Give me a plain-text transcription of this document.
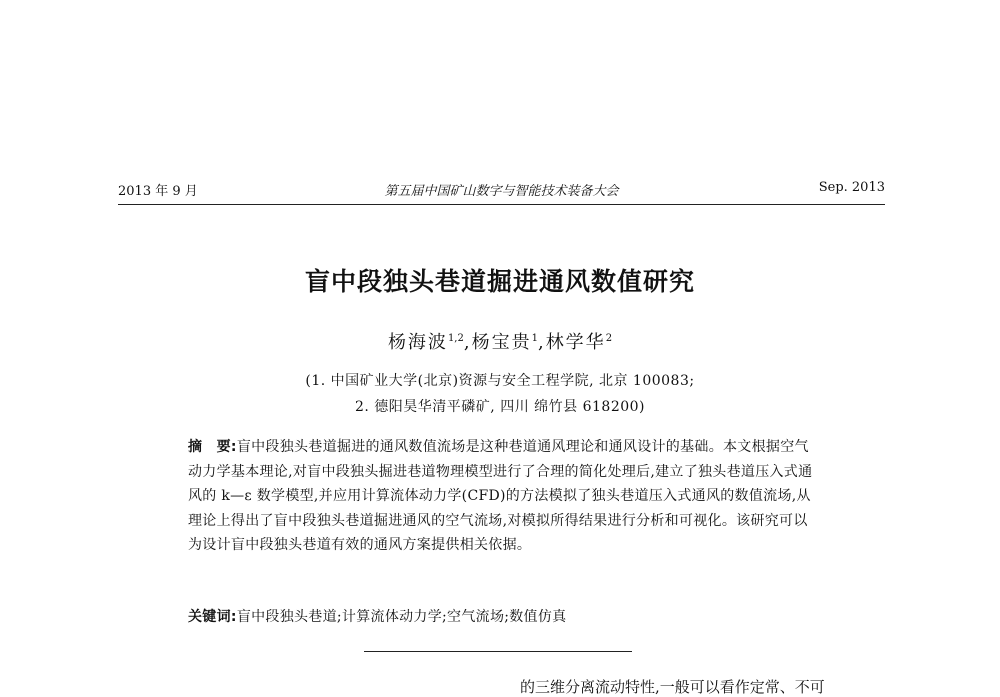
2013 年 9 月	第五届中国矿山数字与智能技术装备大会	Sep. 2013
盲中段独头巷道掘进通风数值研究
杨海波$^{1,2}$,杨宝贵$^1$,林学华$^2$
(1. 中国矿业大学(北京)资源与安全工程学院, 北京 100083;
2. 德阳昊华清平磷矿, 四川 绵竹县 618200)
摘　要:盲中段独头巷道掘进的通风数值流场是这种巷道通风理论和通风设计的基础。本文根据空气动力学基本理论,对盲中段独头掘进巷道物理模型进行了合理的简化处理后,建立了独头巷道压入式通风的 k—ε 数学模型,并应用计算流体动力学(CFD)的方法模拟了独头巷道压入式通风的数值流场,从理论上得出了盲中段独头巷道掘进通风的空气流场,对模拟所得结果进行分析和可视化。该研究可以为设计盲中段独头巷道有效的通风方案提供相关依据。
关键词:盲中段独头巷道;计算流体动力学;空气流场;数值仿真
的三维分离流动特性,一般可以看作定常、不可
